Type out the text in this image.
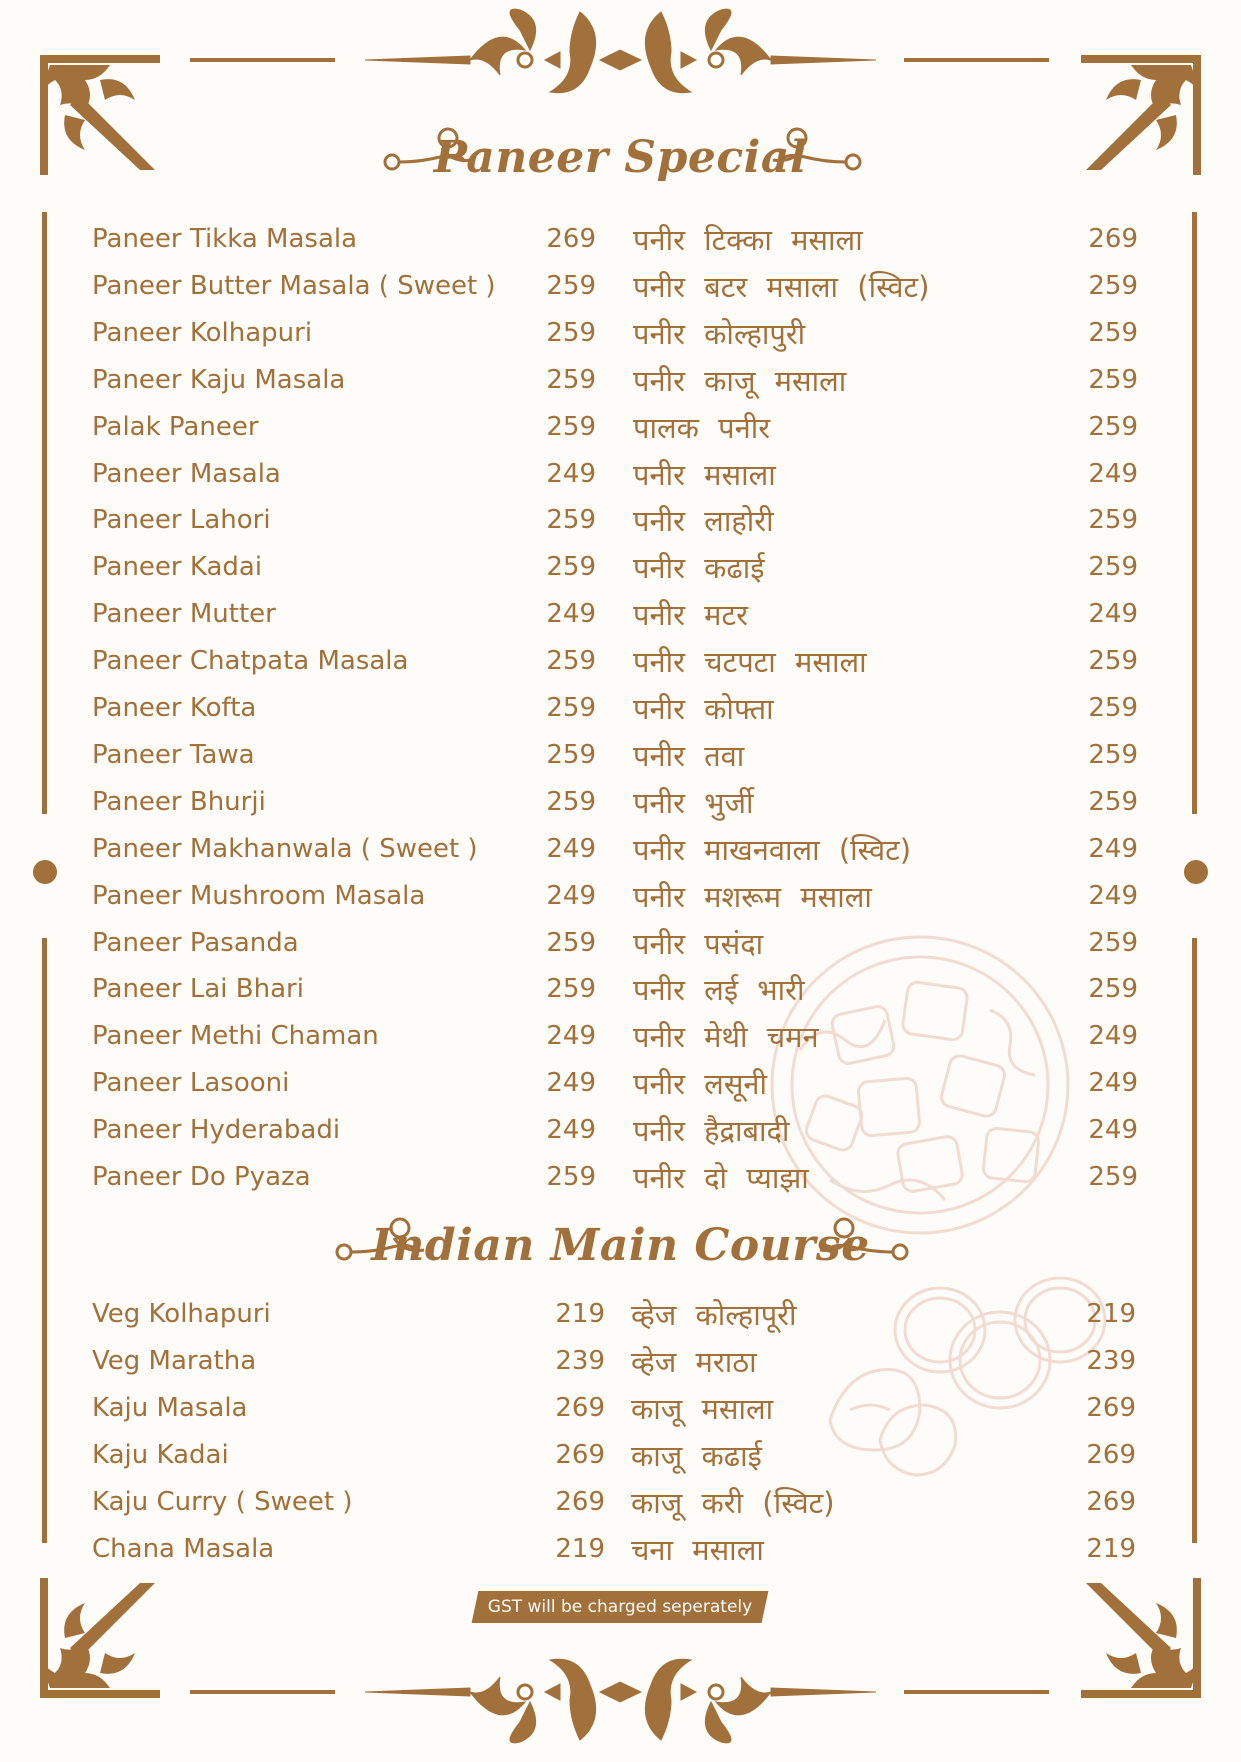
Paneer Special
Paneer Tikka Masala	269 पनीर टिक्का मसाला	269
Paneer Butter Masala ( Sweet )	259 पनीर बटर मसाला (स्विट)	259
Paneer Kolhapuri	259 पनीर कोल्हापुरी	259
Paneer Kaju Masala	259 पनीर काजू मसाला	259
Palak Paneer	259 पालक पनीर	259
Paneer Masala	249 पनीर मसाला	249
Paneer Lahori	259 पनीर लाहोरी	259
Paneer Kadai	259 पनीर कढाई	259
Paneer Mutter	249 पनीर मटर	249
Paneer Chatpata Masala	259 पनीर चटपटा मसाला	259
Paneer Kofta	259 पनीर कोफ्ता	259
Paneer Tawa	259 पनीर तवा	259
Paneer Bhurji	259 पनीर भुर्जी	259
Paneer Makhanwala ( Sweet )	249 पनीर माखनवाला (स्विट)	249
Paneer Mushroom Masala	249 पनीर मशरूम मसाला	249
Paneer Pasanda	259 पनीर पसंदा	259
Paneer Lai Bhari	259 पनीर लई भारी	259
Paneer Methi Chaman	249 पनीर मेथी चमन	249
Paneer Lasooni	249 पनीर लसूनी	249
Paneer Hyderabadi	249 पनीर हैद्राबादी	249
Paneer Do Pyaza	259 पनीर दो प्याझा	259
Indian Main Course
Veg Kolhapuri	219 व्हेज कोल्हापूरी	219
Veg Maratha	239 व्हेज मराठा	239
Kaju Masala	269 काजू मसाला	269
Kaju Kadai	269 काजू कढाई	269
Kaju Curry ( Sweet )	269 काजू करी (स्विट)	269
Chana Masala	219 चना मसाला	219
GST will be charged seperately
